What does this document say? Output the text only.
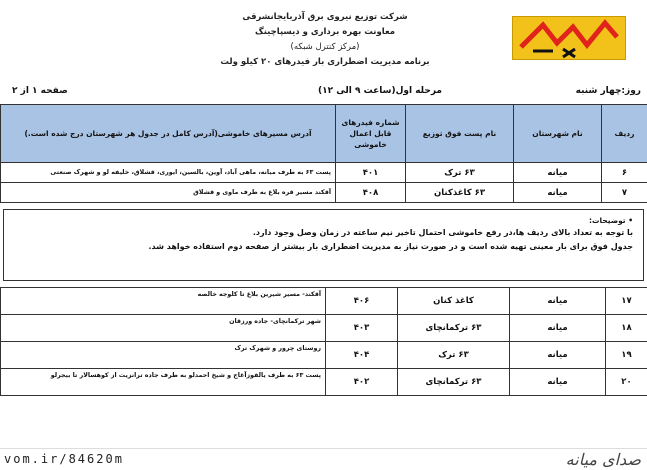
شرکت توزیع نیروی برق آذربایجانشرقی
معاونت بهره برداری و دیسپاچینگ
(مرکز کنترل شبکه)
برنامه مدیریت اضطراری بار فیدرهای ۲۰ کیلو ولت
روز:چهار شنبه
مرحله اول(ساعت ۹ الی ۱۲)
صفحه ۱ از ۲
ردیف	نام شهرستان	نام پست فوق توزیع	شماره فیدرهای قابل اعمال خاموشی	آدرس مسیرهای خاموشی(آدرس کامل در جدول هر شهرستان درج شده است.)
۶	میانه	۶۳ ترک	۴۰۱	پست ۶۳ به طرف میانه، ماهی آباد، آوین، بالسین، ایوری، قشلاق، خلیفه لو و شهرک صنعتی
۷	میانه	۶۳ کاغذکنان	۴۰۸	آقکند مسیر قره بلاغ به طرف ماوی و قشلاق
• توضیحات:
با توجه به تعداد بالای ردیف ها،در رفع خاموشی احتمال تاخیر نیم ساعته در زمان وصل وجود دارد.
جدول فوق برای بار معینی تهیه شده است و در صورت نیاز به مدیریت اضطراری بار بیشتر از صفحه دوم استفاده خواهد شد.
۱۷	میانه	کاغذ کنان	۴۰۶	آقکند- مسیر شیرین بلاغ تا کلوجه خالصه
۱۸	میانه	۶۳ ترکمانچای	۴۰۳	شهر ترکمانچای- جاده ورزقان
۱۹	میانه	۶۳ ترک	۴۰۴	روستای چرور و شهرک ترک
۲۰	میانه	۶۳ ترکمانچای	۴۰۲	پست ۶۳ به طرف یالقوزآغاج و شیخ احمدلو به طرف جاده ترانزیت از کوهسالار تا بیجرلو
vom.ir/84620m	صدای میانه
